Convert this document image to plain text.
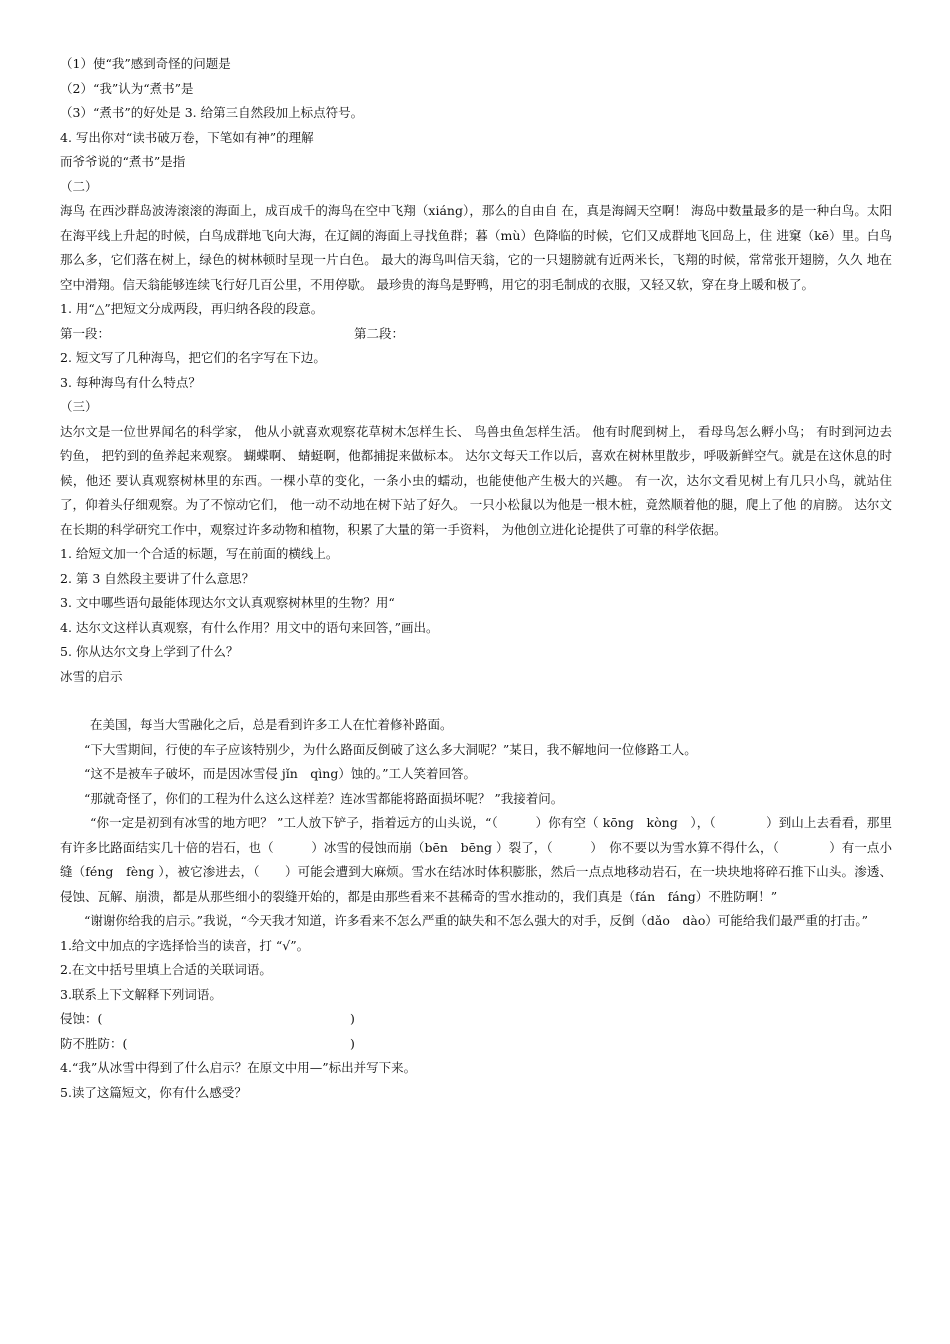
（1）使“我”感到奇怪的问题是
（2）“我”认为“煮书”是
（3）“煮书”的好处是 3. 给第三自然段加上标点符号。
4. 写出你对“读书破万卷，下笔如有神”的理解
而爷爷说的“煮书”是指
（二）
海鸟 在西沙群岛波涛滚滚的海面上，成百成千的海鸟在空中飞翔（xiáng），那么的自由自 在，真是海阔天空啊！ 海岛中数量最多的是一种白鸟。太阳在海平线上升起的时候，白鸟成群地飞向大海，在辽阔的海面上寻找鱼群；暮（mù）色降临的时候，它们又成群地飞回岛上，住 进窠（kē）里。白鸟那么多，它们落在树上，绿色的树林顿时呈现一片白色。 最大的海鸟叫信天翁，它的一只翅膀就有近两米长，飞翔的时候，常常张开翅膀，久久 地在空中滑翔。信天翁能够连续飞行好几百公里，不用停歇。 最珍贵的海鸟是野鸭，用它的羽毛制成的衣服，又轻又软，穿在身上暖和极了。
1. 用“△”把短文分成两段，再归纳各段的段意。
第一段：	第二段：
2. 短文写了几种海鸟，把它们的名字写在下边。
3. 每种海鸟有什么特点？
（三）
达尔文是一位世界闻名的科学家， 他从小就喜欢观察花草树木怎样生长、 鸟兽虫鱼怎样生活。 他有时爬到树上， 看母鸟怎么孵小鸟； 有时到河边去钓鱼， 把钓到的鱼养起来观察。 蝴蝶啊、 蜻蜓啊，他都捕捉来做标本。 达尔文每天工作以后，喜欢在树林里散步，呼吸新鲜空气。就是在这休息的时候，他还 要认真观察树林里的东西。一棵小草的变化，一条小虫的蠕动，也能使他产生极大的兴趣。 有一次，达尔文看见树上有几只小鸟，就站住了，仰着头仔细观察。为了不惊动它们， 他一动不动地在树下站了好久。 一只小松鼠以为他是一根木桩，竟然顺着他的腿，爬上了他 的肩膀。 达尔文在长期的科学研究工作中，观察过许多动物和植物，积累了大量的第一手资料， 为他创立进化论提供了可靠的科学依据。
1. 给短文加一个合适的标题，写在前面的横线上。
2. 第 3 自然段主要讲了什么意思？
3. 文中哪些语句最能体现达尔文认真观察树林里的生物？用“
4. 达尔文这样认真观察，有什么作用？用文中的语句来回答，”画出。
5. 你从达尔文身上学到了什么？
冰雪的启示
在美国，每当大雪融化之后，总是看到许多工人在忙着修补路面。
“下大雪期间，行使的车子应该特别少，为什么路面反倒破了这么多大洞呢？”某日，我不解地问一位修路工人。
“这不是被车子破坏，而是因冰雪侵 jǐn　qìng）蚀的。”工人笑着回答。
“那就奇怪了，你们的工程为什么这么这样差？连冰雪都能将路面损坏呢？ ”我接着问。
“你一定是初到有冰雪的地方吧？ ”工人放下铲子，指着远方的山头说，“（　　　）你有空（ kōng　kòng　），（　　　　）到山上去看看，那里有许多比路面结实几十倍的岩石，也（　　　）冰雪的侵蚀而崩（bēn　bēng ）裂了，（　　　）　你不要以为雪水算不得什么，（　　　　）有一点小缝（féng　fèng ），被它渗进去，（　　）可能会遭到大麻烦。雪水在结冰时体积膨胀，然后一点点地移动岩石，在一块块地将碎石推下山头。渗透、侵蚀、瓦解、崩溃，都是从那些细小的裂缝开始的，都是由那些看来不甚稀奇的雪水推动的，我们真是（fán　fáng）不胜防啊！”
“谢谢你给我的启示。”我说，“今天我才知道，许多看来不怎么严重的缺失和不怎么强大的对手，反倒（dǎo　dào）可能给我们最严重的打击。”
1.给文中加点的字选择恰当的读音，打 “√”。
2.在文中括号里填上合适的关联词语。
3.联系上下文解释下列词语。
侵蚀：(	)
防不胜防：(	)
4.“我”从冰雪中得到了什么启示？在原文中用—”标出并写下来。
5.读了这篇短文，你有什么感受？
